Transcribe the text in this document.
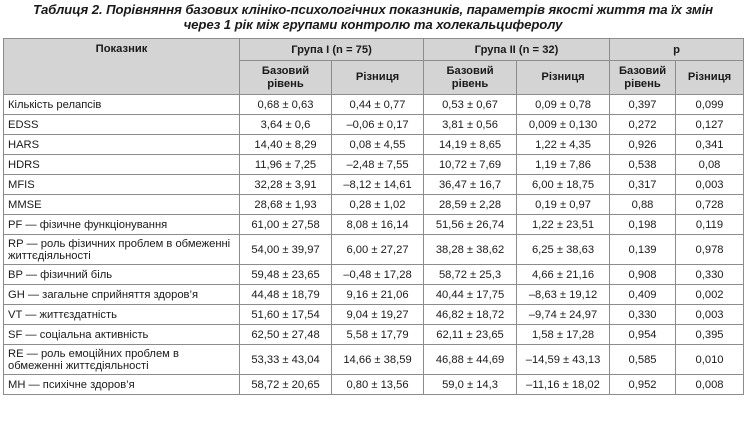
Таблиця 2. Порівняння базових клініко-психологічних показників, параметрів якості життя та їх змін
через 1 рік між групами контролю та холекальциферолу
Показник	Група І (n = 75)		Група ІІ (n = 32)		p	
	Базовий рівень	Різниця	Базовий рівень	Різниця	Базовий рівень	Різниця
Кількість релапсів	0,68 ± 0,63	0,44 ± 0,77	0,53 ± 0,67	0,09 ± 0,78	0,397	0,099
EDSS	3,64 ± 0,6	–0,06 ± 0,17	3,81 ± 0,56	0,009 ± 0,130	0,272	0,127
HARS	14,40 ± 8,29	0,08 ± 4,55	14,19 ± 8,65	1,22 ± 4,35	0,926	0,341
HDRS	11,96 ± 7,25	–2,48 ± 7,55	10,72 ± 7,69	1,19 ± 7,86	0,538	0,08
MFIS	32,28 ± 3,91	–8,12 ± 14,61	36,47 ± 16,7	6,00 ± 18,75	0,317	0,003
MMSE	28,68 ± 1,93	0,28 ± 1,02	28,59 ± 2,28	0,19 ± 0,97	0,88	0,728
PF — фізичне функціонування	61,00 ± 27,58	8,08 ± 16,14	51,56 ± 26,74	1,22 ± 23,51	0,198	0,119
RP — роль фізичних проблем в обмеженні життєдіяльності	54,00 ± 39,97	6,00 ± 27,27	38,28 ± 38,62	6,25 ± 38,63	0,139	0,978
BP — фізичний біль	59,48 ± 23,65	–0,48 ± 17,28	58,72 ± 25,3	4,66 ± 21,16	0,908	0,330
GH — загальне сприйняття здоров’я	44,48 ± 18,79	9,16 ± 21,06	40,44 ± 17,75	–8,63 ± 19,12	0,409	0,002
VT — життєздатність	51,60 ± 17,54	9,04 ± 19,27	46,82 ± 18,72	–9,74 ± 24,97	0,330	0,003
SF — соціальна активність	62,50 ± 27,48	5,58 ± 17,79	62,11 ± 23,65	1,58 ± 17,28	0,954	0,395
RE — роль емоційних проблем в обмеженні життєдіяльності	53,33 ± 43,04	14,66 ± 38,59	46,88 ± 44,69	–14,59 ± 43,13	0,585	0,010
MH — психічне здоров’я	58,72 ± 20,65	0,80 ± 13,56	59,0 ± 14,3	–11,16 ± 18,02	0,952	0,008
